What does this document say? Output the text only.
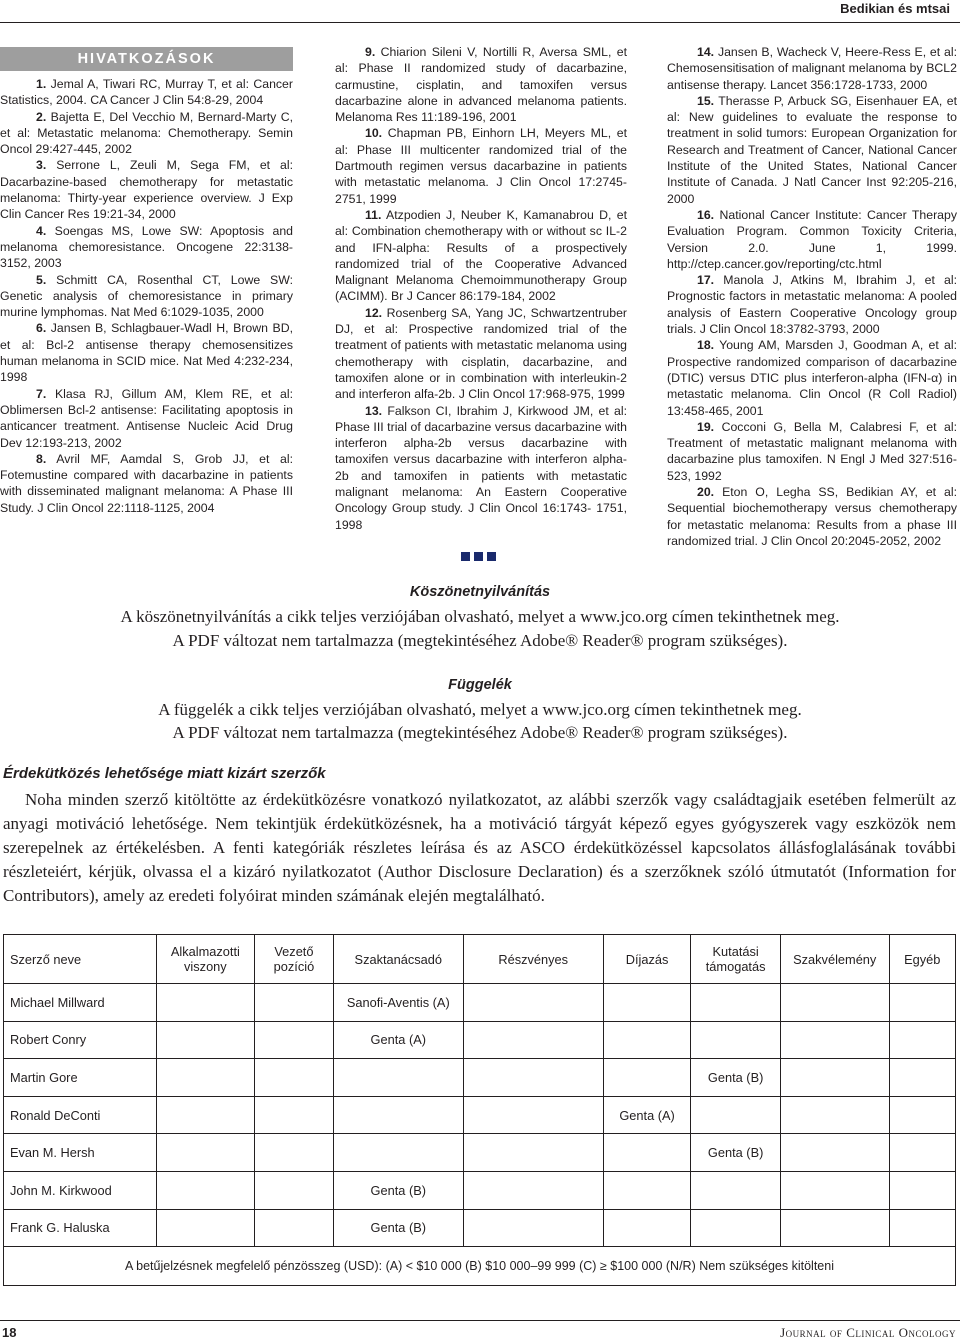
Bedikian és mtsai
HIVATKOZÁSOK

1. Jemal A, Tiwari RC, Murray T, et al: Cancer Statistics, 2004. CA Cancer J Clin 54:8-29, 2004

2. Bajetta E, Del Vecchio M, Bernard-Marty C, et al: Metastatic melanoma: Chemotherapy. Semin Oncol 29:427-445, 2002

3. Serrone L, Zeuli M, Sega FM, et al: Dacarbazine-based chemotherapy for metastatic melanoma: Thirty-year experience overview. J Exp Clin Cancer Res 19:21-34, 2000

4. Soengas MS, Lowe SW: Apoptosis and melanoma chemoresistance. Oncogene 22:3138-3152, 2003

5. Schmitt CA, Rosenthal CT, Lowe SW: Genetic analysis of chemoresistance in primary murine lymphomas. Nat Med 6:1029-1035, 2000

6. Jansen B, Schlagbauer-Wadl H, Brown BD, et al: Bcl-2 antisense therapy chemosensitizes human melanoma in SCID mice. Nat Med 4:232-234, 1998

7. Klasa RJ, Gillum AM, Klem RE, et al: Oblimersen Bcl-2 antisense: Facilitating apoptosis in anticancer treatment. Antisense Nucleic Acid Drug Dev 12:193-213, 2002

8. Avril MF, Aamdal S, Grob JJ, et al: Fotemustine compared with dacarbazine in patients with disseminated malignant melanoma: A Phase III Study. J Clin Oncol 22:1118-1125, 2004

9. Chiarion Sileni V, Nortilli R, Aversa SML, et al: Phase II randomized study of dacarbazine, carmustine, cisplatin, and tamoxifen versus dacarbazine alone in advanced melanoma patients. Melanoma Res 11:189-196, 2001

10. Chapman PB, Einhorn LH, Meyers ML, et al: Phase III multicenter randomized trial of the Dartmouth regimen versus dacarbazine in patients with metastatic melanoma. J Clin Oncol 17:2745-2751, 1999

11. Atzpodien J, Neuber K, Kamanabrou D, et al: Combination chemotherapy with or without sc IL-2 and IFN-alpha: Results of a prospectively randomized trial of the Cooperative Advanced Malignant Melanoma Chemoimmunotherapy Group (ACIMM). Br J Cancer 86:179-184, 2002

12. Rosenberg SA, Yang JC, Schwartzentruber DJ, et al: Prospective randomized trial of the treatment of patients with metastatic melanoma using chemotherapy with cisplatin, dacarbazine, and tamoxifen alone or in combination with interleukin-2 and interferon alfa-2b. J Clin Oncol 17:968-975, 1999

13. Falkson CI, Ibrahim J, Kirkwood JM, et al: Phase III trial of dacarbazine versus dacarbazine with interferon alpha-2b versus dacarbazine with tamoxifen versus dacarbazine with interferon alpha-2b and tamoxifen in patients with metastatic malignant melanoma: An Eastern Cooperative Oncology Group study. J Clin Oncol 16:1743- 1751, 1998

14. Jansen B, Wacheck V, Heere-Ress E, et al: Chemosensitisation of malignant melanoma by BCL2 antisense therapy. Lancet 356:1728-1733, 2000

15. Therasse P, Arbuck SG, Eisenhauer EA, et al: New guidelines to evaluate the response to treatment in solid tumors: European Organization for Research and Treatment of Cancer, National Cancer Institute of the United States, National Cancer Institute of Canada. J Natl Cancer Inst 92:205-216, 2000

16. National Cancer Institute: Cancer Therapy Evaluation Program. Common Toxicity Criteria, Version 2.0. June 1, 1999. http://ctep.cancer.gov/reporting/ctc.html

17. Manola J, Atkins M, Ibrahim J, et al: Prognostic factors in metastatic melanoma: A pooled analysis of Eastern Cooperative Oncology group trials. J Clin Oncol 18:3782-3793, 2000

18. Young AM, Marsden J, Goodman A, et al: Prospective randomized comparison of dacarbazine (DTIC) versus DTIC plus interferon-alpha (IFN-α) in metastatic melanoma. Clin Oncol (R Coll Radiol) 13:458-465, 2001

19. Cocconi G, Bella M, Calabresi F, et al: Treatment of metastatic malignant melanoma with dacarbazine plus tamoxifen. N Engl J Med 327:516-523, 1992

20. Eton O, Legha SS, Bedikian AY, et al: Sequential biochemotherapy versus chemotherapy for metastatic melanoma: Results from a phase III randomized trial. J Clin Oncol 20:2045-2052, 2002

Köszönetnyilvánítás
A köszönetnyilvánítás a cikk teljes verziójában olvasható, melyet a www.jco.org címen tekinthetnek meg.
A PDF változat nem tartalmazza (megtekintéséhez Adobe® Reader® program szükséges).
Függelék
A függelék a cikk teljes verziójában olvasható, melyet a www.jco.org címen tekinthetnek meg.
A PDF változat nem tartalmazza (megtekintéséhez Adobe® Reader® program szükséges).
Érdekütközés lehetősége miatt kizárt szerzők
Noha minden szerző kitöltötte az érdekütközésre vonatkozó nyilatkozatot, az alábbi szerzők vagy családtagjaik esetében felmerült az anyagi motiváció lehetősége. Nem tekintjük érdekütközésnek, ha a motiváció tárgyát képező egyes gyógyszerek vagy eszközök nem szerepelnek az értékelésben. A fenti kategóriák részletes leírása és az ASCO érdekütközéssel kapcsolatos állásfoglalásának további részleteiért, kérjük, olvassa el a kizáró nyilatkozatot (Author Disclosure Declaration) és a szerzőknek szóló útmutatót (Information for Contributors), amely az eredeti folyóirat minden számának elején megtalálható.
Szerző neve	Alkalmazotti viszony	Vezető pozíció	Szaktanácsadó	Részvényes	Díjazás	Kutatási támogatás	Szakvélemény	Egyéb
Michael Millward			Sanofi-Aventis (A)					
Robert Conry			Genta (A)					
Martin Gore						Genta (B)		
Ronald DeConti					Genta (A)			
Evan M. Hersh						Genta (B)		
John M. Kirkwood			Genta (B)					
Frank G. Haluska			Genta (B)					
A betűjelzésnek megfelelő pénzösszeg (USD): (A) < $10 000 (B) $10 000–99 999 (C) ≥ $100 000 (N/R) Nem szükséges kitölteni								
18	Journal of Clinical Oncology
